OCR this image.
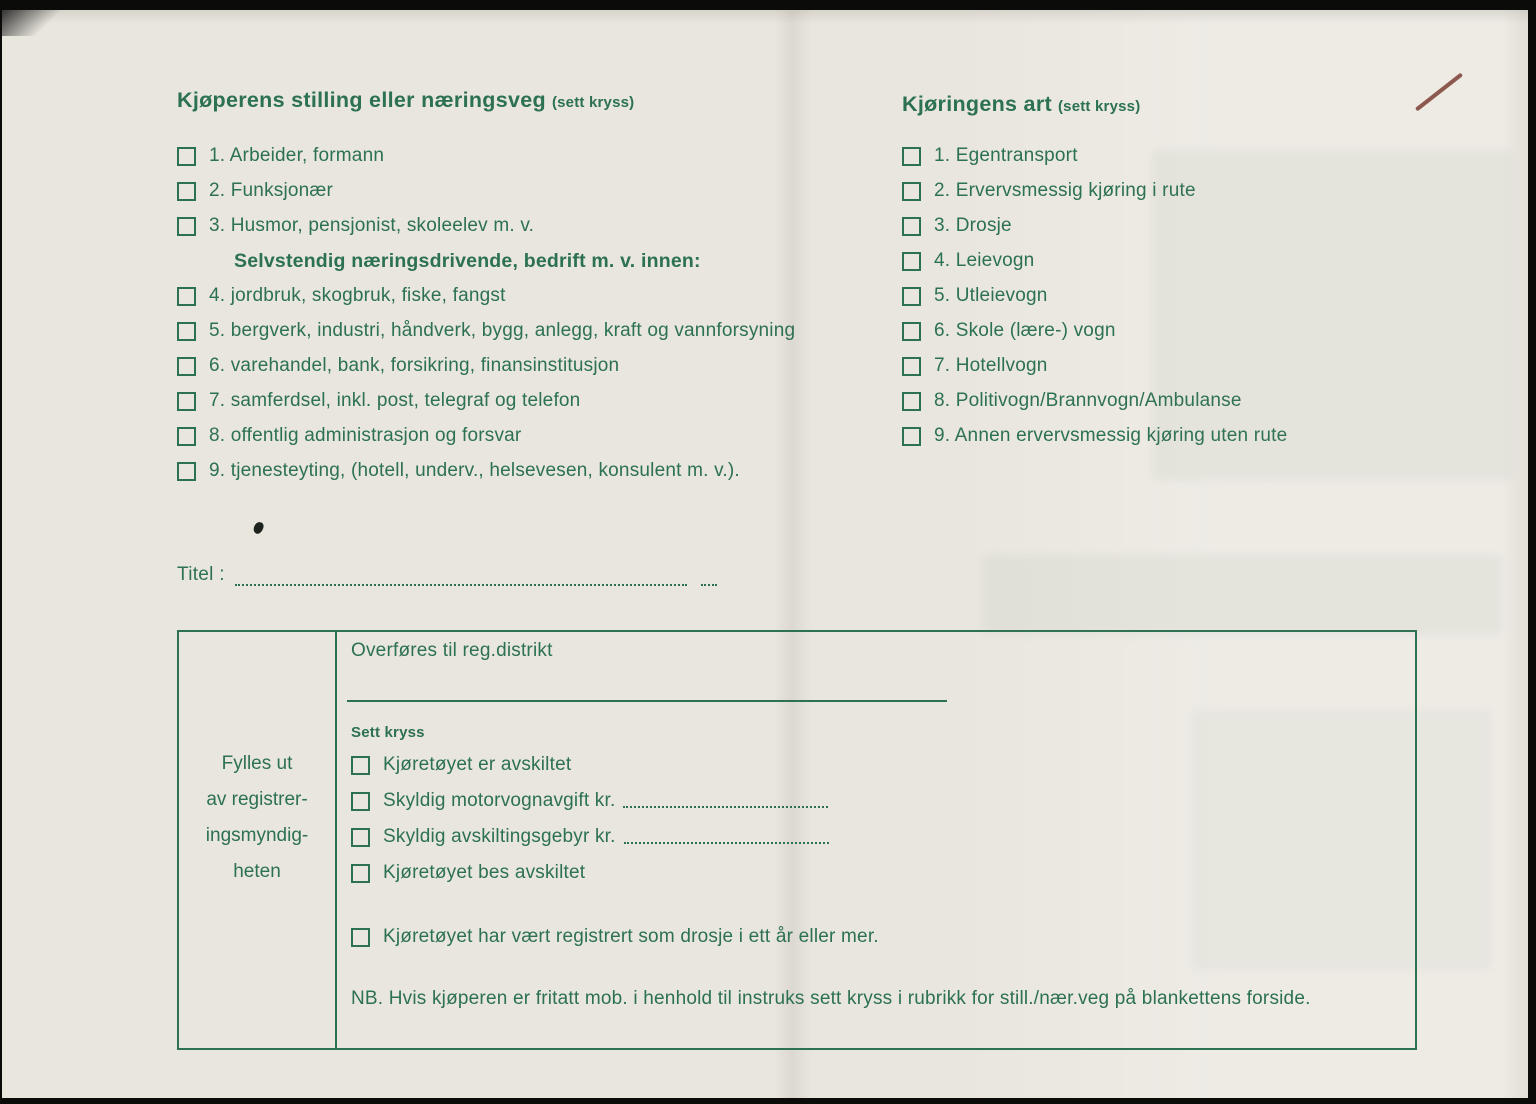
Kjøperens stilling eller næringsveg (sett kryss)
1. Arbeider, formann
2. Funksjonær
3. Husmor, pensjonist, skoleelev m. v.
Selvstendig næringsdrivende, bedrift m. v. innen:
4. jordbruk, skogbruk, fiske, fangst
5. bergverk, industri, håndverk, bygg, anlegg, kraft og vannforsyning
6. varehandel, bank, forsikring, finansinstitusjon
7. samferdsel, inkl. post, telegraf og telefon
8. offentlig administrasjon og forsvar
9. tjenesteyting, (hotell, underv., helsevesen, konsulent m. v.).
Kjøringens art (sett kryss)
1. Egentransport
2. Ervervsmessig kjøring i rute
3. Drosje
4. Leievogn
5. Utleievogn
6. Skole (lære-) vogn
7. Hotellvogn
8. Politivogn/Brannvogn/Ambulanse
9. Annen ervervsmessig kjøring uten rute
Titel :
Fylles ut
av registrer-
ingsmyndig-
heten
Overføres til reg.distrikt
Sett kryss
Kjøretøyet er avskiltet
Skyldig motorvognavgift kr.
Skyldig avskiltingsgebyr kr.
Kjøretøyet bes avskiltet
Kjøretøyet har vært registrert som drosje i ett år eller mer.
NB. Hvis kjøperen er fritatt mob. i henhold til instruks sett kryss i rubrikk for still./nær.veg på blankettens forside.
